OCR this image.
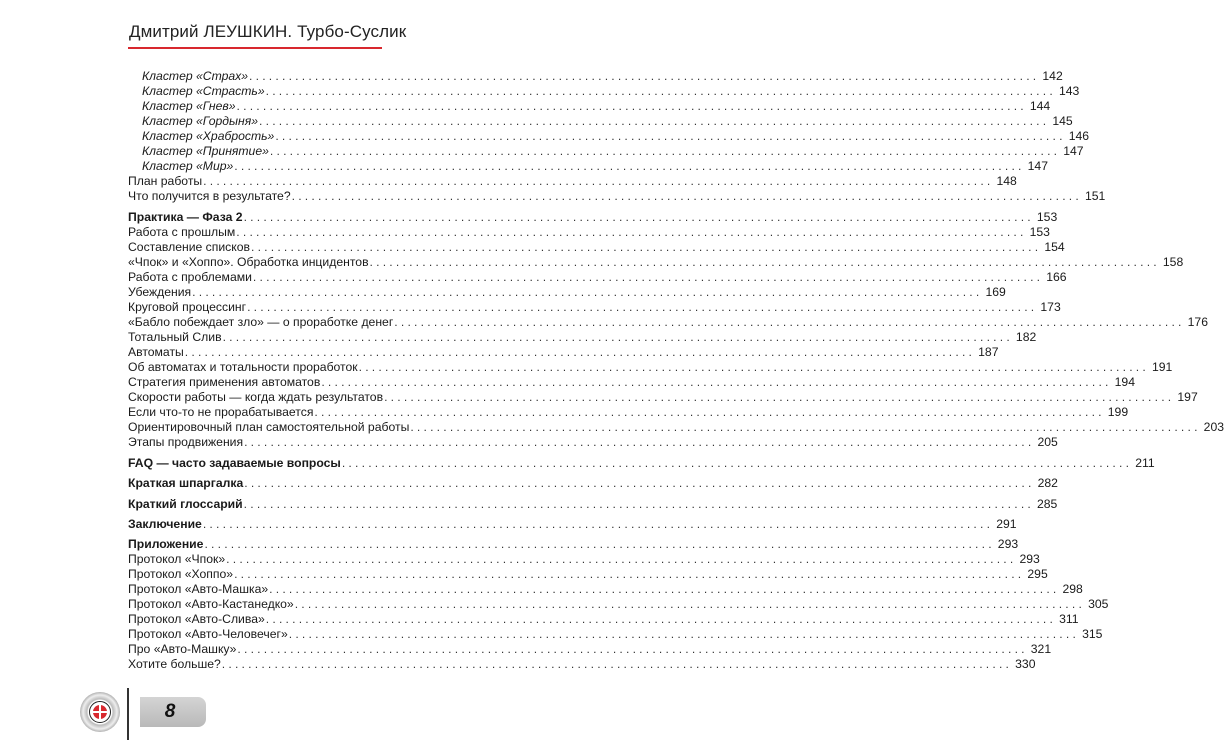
Дмитрий ЛЕУШКИН. Турбо-Суслик
Кластер «Страх» ........................................................................................................................ 142
Кластер «Страсть» ........................................................................................................................ 143
Кластер «Гнев» ........................................................................................................................ 144
Кластер «Гордыня» ........................................................................................................................ 145
Кластер «Храбрость» ........................................................................................................................ 146
Кластер «Принятие» ........................................................................................................................ 147
Кластер «Мир» ........................................................................................................................ 147
План работы ........................................................................................................................ 148
Что получится в результате? ........................................................................................................................ 151
Практика — Фаза 2 ........................................................................................................................ 153
Работа с прошлым ........................................................................................................................ 153
Составление списков ........................................................................................................................ 154
«Чпок» и «Хоппо». Обработка инцидентов ........................................................................................................................ 158
Работа с проблемами ........................................................................................................................ 166
Убеждения ........................................................................................................................ 169
Круговой процессинг ........................................................................................................................ 173
«Бабло побеждает зло» — о проработке денег ........................................................................................................................ 176
Тотальный Слив ........................................................................................................................ 182
Автоматы ........................................................................................................................ 187
Об автоматах и тотальности проработок ........................................................................................................................ 191
Стратегия применения автоматов ........................................................................................................................ 194
Скорости работы — когда ждать результатов ........................................................................................................................ 197
Если что-то не прорабатывается ........................................................................................................................ 199
Ориентировочный план самостоятельной работы ........................................................................................................................ 203
Этапы продвижения ........................................................................................................................ 205
FAQ — часто задаваемые вопросы ........................................................................................................................ 211
Краткая шпаргалка ........................................................................................................................ 282
Краткий глоссарий ........................................................................................................................ 285
Заключение ........................................................................................................................ 291
Приложение ........................................................................................................................ 293
Протокол «Чпок» ........................................................................................................................ 293
Протокол «Хоппо» ........................................................................................................................ 295
Протокол «Авто-Машка» ........................................................................................................................ 298
Протокол «Авто-Кастанедко» ........................................................................................................................ 305
Протокол «Авто-Слива» ........................................................................................................................ 311
Протокол «Авто-Человечег» ........................................................................................................................ 315
Про «Авто-Машку» ........................................................................................................................ 321
Хотите больше? ........................................................................................................................ 330
8
